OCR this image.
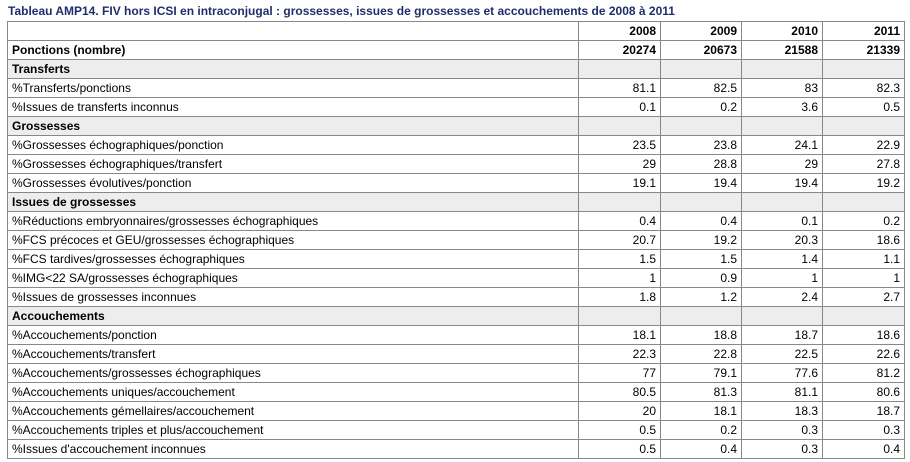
Tableau AMP14. FIV hors ICSI en intraconjugal : grossesses, issues de grossesses et accouchements de 2008 à 2011
	2008	2009	2010	2011
Ponctions (nombre)	20274	20673	21588	21339
Transferts				
%Transferts/ponctions	81.1	82.5	83	82.3
%Issues de transferts inconnus	0.1	0.2	3.6	0.5
Grossesses				
%Grossesses échographiques/ponction	23.5	23.8	24.1	22.9
%Grossesses échographiques/transfert	29	28.8	29	27.8
%Grossesses évolutives/ponction	19.1	19.4	19.4	19.2
Issues de grossesses				
%Réductions embryonnaires/grossesses échographiques	0.4	0.4	0.1	0.2
%FCS précoces et GEU/grossesses échographiques	20.7	19.2	20.3	18.6
%FCS tardives/grossesses échographiques	1.5	1.5	1.4	1.1
%IMG<22 SA/grossesses échographiques	1	0.9	1	1
%Issues de grossesses inconnues	1.8	1.2	2.4	2.7
Accouchements				
%Accouchements/ponction	18.1	18.8	18.7	18.6
%Accouchements/transfert	22.3	22.8	22.5	22.6
%Accouchements/grossesses échographiques	77	79.1	77.6	81.2
%Accouchements uniques/accouchement	80.5	81.3	81.1	80.6
%Accouchements gémellaires/accouchement	20	18.1	18.3	18.7
%Accouchements triples et plus/accouchement	0.5	0.2	0.3	0.3
%Issues d'accouchement inconnues	0.5	0.4	0.3	0.4
